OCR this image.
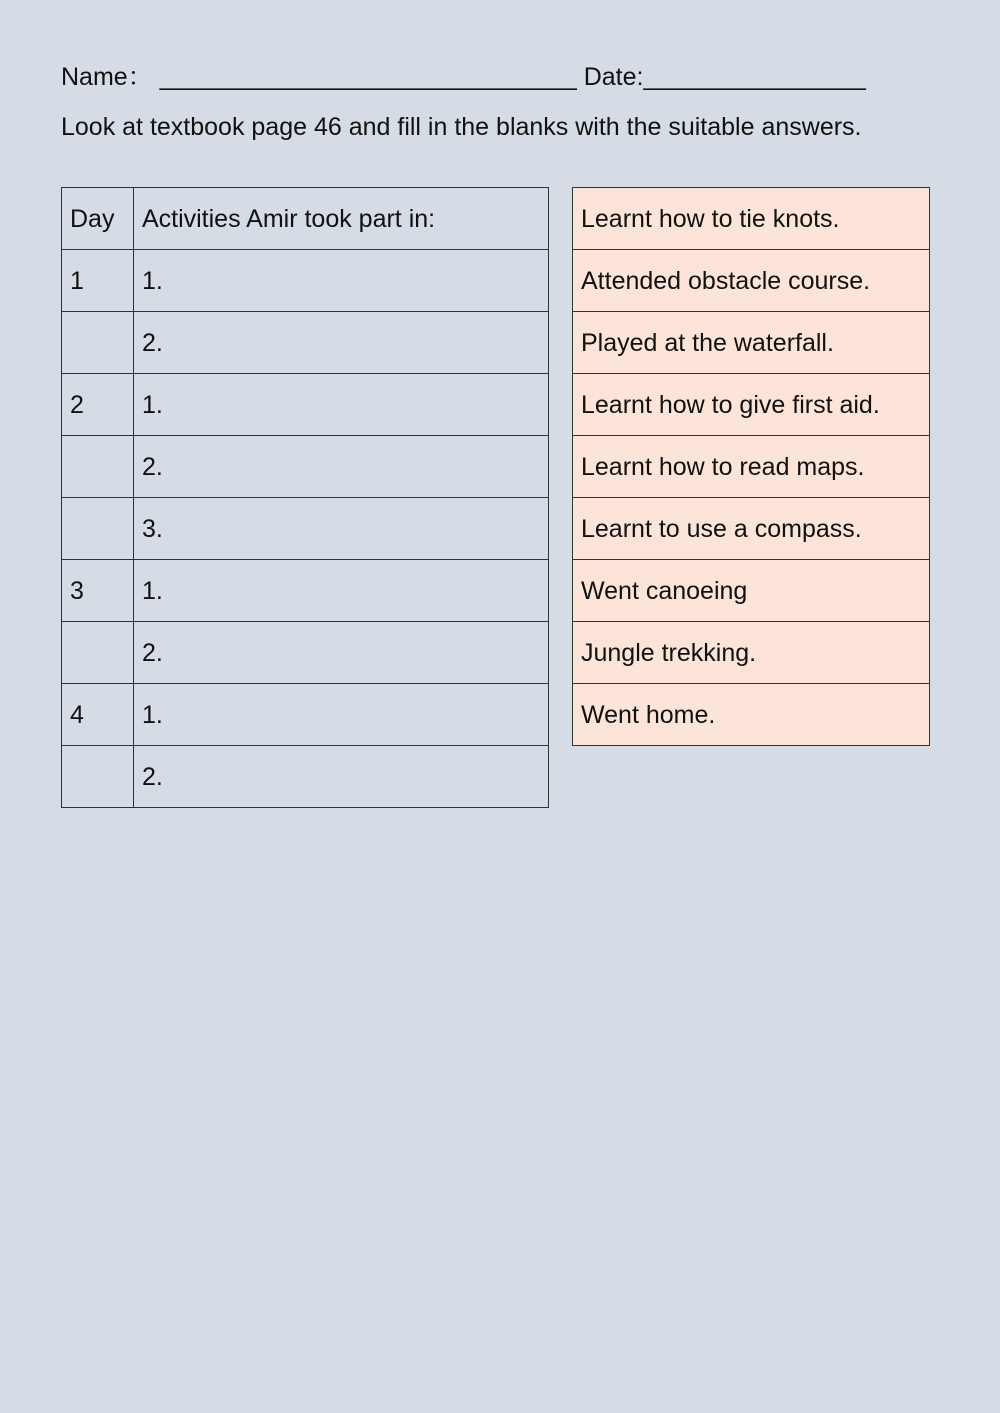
Name： ______________________________ Date:________________
Look at textbook page 46 and fill in the blanks with the suitable answers.
Day	Activities Amir took part in:
1	1.
	2.
2	1.
	2.
	3.
3	1.
	2.
4	1.
	2.
Learnt how to tie knots.
Attended obstacle course.
Played at the waterfall.
Learnt how to give first aid.
Learnt how to read maps.
Learnt to use a compass.
Went canoeing
Jungle trekking.
Went home.
